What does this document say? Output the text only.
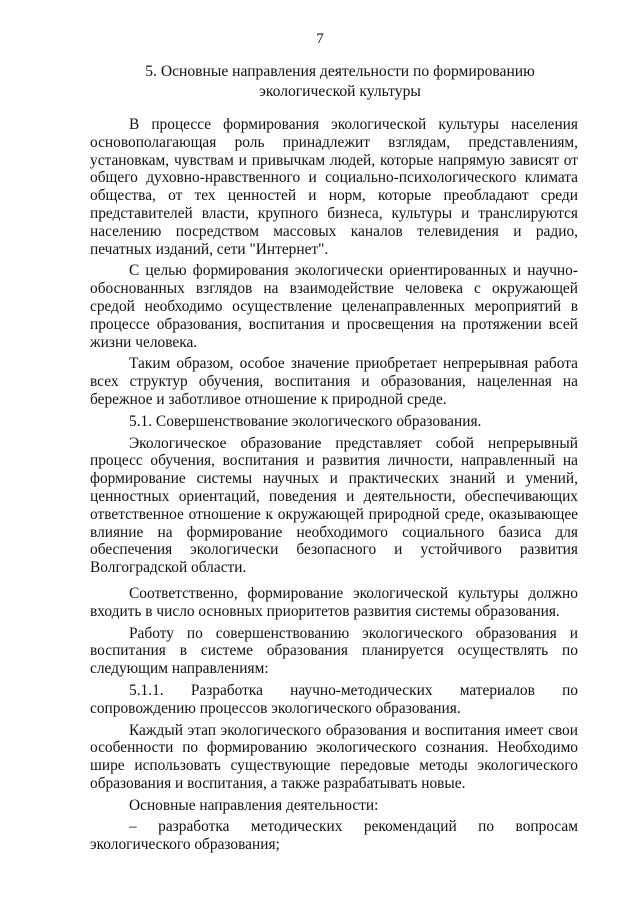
7
5. Основные направления деятельности по формированию
экологической культуры

В процессе формирования экологической культуры населения основополагающая роль принадлежит взглядам, представлениям, установкам, чувствам и привычкам людей, которые напрямую зависят от общего духовно-нравственного и социально-психологического климата общества, от тех ценностей и норм, которые преобладают среди представителей власти, крупного бизнеса, культуры и транслируются населению посредством массовых каналов телевидения и радио, печатных изданий, сети "Интернет".

С целью формирования экологически ориентированных и научно-обоснованных взглядов на взаимодействие человека с окружающей средой необходимо осуществление целенаправленных мероприятий в процессе образования, воспитания и просвещения на протяжении всей жизни человека.

Таким образом, особое значение приобретает непрерывная работа всех структур обучения, воспитания и образования, нацеленная на бережное и заботливое отношение к природной среде.

5.1. Совершенствование экологического образования.

Экологическое образование представляет собой непрерывный процесс обучения, воспитания и развития личности, направленный на формирование системы научных и практических знаний и умений, ценностных ориентаций, поведения и деятельности, обеспечивающих ответственное отношение к окружающей природной среде, оказывающее влияние на формирование необходимого социального базиса для обеспечения экологически безопасного и устойчивого развития Волгоградской области.

Соответственно, формирование экологической культуры должно входить в число основных приоритетов развития системы образования.

Работу по совершенствованию экологического образования и воспитания в системе образования планируется осуществлять по следующим направлениям:

5.1.1. Разработка научно-методических материалов по сопровождению процессов экологического образования.

Каждый этап экологического образования и воспитания имеет свои особенности по формированию экологического сознания. Необходимо шире использовать существующие передовые методы экологического образования и воспитания, а также разрабатывать новые.

Основные направления деятельности:

– разработка методических рекомендаций по вопросам экологического образования;
